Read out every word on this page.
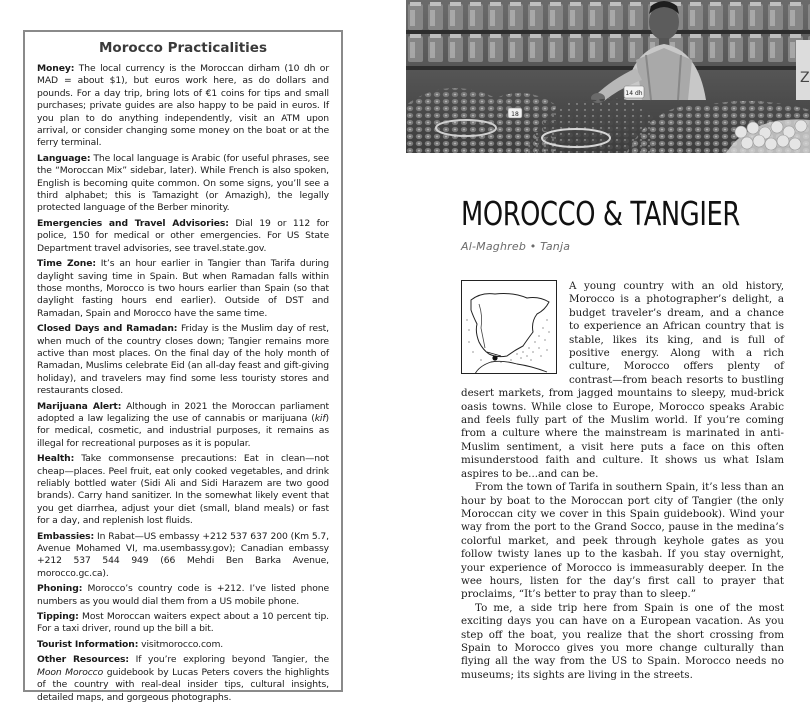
Morocco Practicalities

Money: The local currency is the Moroccan dirham (10 dh or MAD = about $1), but euros work here, as do dollars and pounds. For a day trip, bring lots of €1 coins for tips and small purchases; private guides are also happy to be paid in euros. If you plan to do anything independently, visit an ATM upon arrival, or consider changing some money on the boat or at the ferry terminal.

Language: The local language is Arabic (for useful phrases, see the “Moroccan Mix” sidebar, later). While French is also spoken, English is becoming quite common. On some signs, you’ll see a third alphabet; this is Tamazight (or Amazigh), the legally protected language of the Berber minority.

Emergencies and Travel Advisories: Dial 19 or 112 for police, 150 for medical or other emergencies. For US State Department travel advisories, see travel.state.gov.

Time Zone: It’s an hour earlier in Tangier than Tarifa during daylight saving time in Spain. But when Ramadan falls within those months, Morocco is two hours earlier than Spain (so that daylight fasting hours end earlier). Outside of DST and Ramadan, Spain and Morocco have the same time.

Closed Days and Ramadan: Friday is the Muslim day of rest, when much of the country closes down; Tangier remains more active than most places. On the final day of the holy month of Ramadan, Muslims celebrate Eid (an all-day feast and gift-giving holiday), and travelers may find some less touristy stores and restaurants closed.

Marijuana Alert: Although in 2021 the Moroccan parliament adopted a law legalizing the use of cannabis or marijuana (kif) for medical, cosmetic, and industrial purposes, it remains as illegal for recreational purposes as it is popular.

Health: Take commonsense precautions: Eat in clean—not cheap—places. Peel fruit, eat only cooked vegetables, and drink reliably bottled water (Sidi Ali and Sidi Harazem are two good brands). Carry hand sanitizer. In the somewhat likely event that you get diarrhea, adjust your diet (small, bland meals) or fast for a day, and replenish lost fluids.

Embassies: In Rabat—US embassy +212 537 637 200 (Km 5.7, Avenue Mohamed VI, ma.usembassy.gov); Canadian embassy +212 537 544 949 (66 Mehdi Ben Barka Avenue, morocco.gc.ca).

Phoning: Morocco’s country code is +212. I’ve listed phone numbers as you would dial them from a US mobile phone.

Tipping: Most Moroccan waiters expect about a 10 percent tip. For a taxi driver, round up the bill a bit.

Tourist Information: visitmorocco.com.

Other Resources: If you’re exploring beyond Tangier, the Moon Morocco guidebook by Lucas Peters covers the highlights of the country with real-deal insider tips, cultural insights, detailed maps, and gorgeous photographs.

14 dh
18
Z
MOROCCO & TANGIER
Al-Maghreb • Tanja

A young country with an old history, Morocco is a photographer’s delight, a budget traveler’s dream, and a chance to experience an African country that is stable, likes its king, and is full of positive energy. Along with a rich culture, Morocco offers plenty of contrast—from beach resorts to bustling desert markets, from jagged mountains to sleepy, mud-brick oasis towns. While close to Europe, Morocco speaks Arabic and feels fully part of the Muslim world. If you’re coming from a culture where the mainstream is marinated in anti-Muslim sentiment, a visit here puts a face on this often misunderstood faith and culture. It shows us what Islam aspires to be...and can be.

From the town of Tarifa in southern Spain, it’s less than an hour by boat to the Moroccan port city of Tangier (the only Moroccan city we cover in this Spain guidebook). Wind your way from the port to the Grand Socco, pause in the medina’s colorful market, and peek through keyhole gates as you follow twisty lanes up to the kasbah. If you stay overnight, your experience of Morocco is immeasurably deeper. In the wee hours, listen for the day’s first call to prayer that proclaims, “It’s better to pray than to sleep.”

To me, a side trip here from Spain is one of the most exciting days you can have on a European vacation. As you step off the boat, you realize that the short crossing from Spain to Morocco gives you more change culturally than flying all the way from the US to Spain. Morocco needs no museums; its sights are living in the streets.
